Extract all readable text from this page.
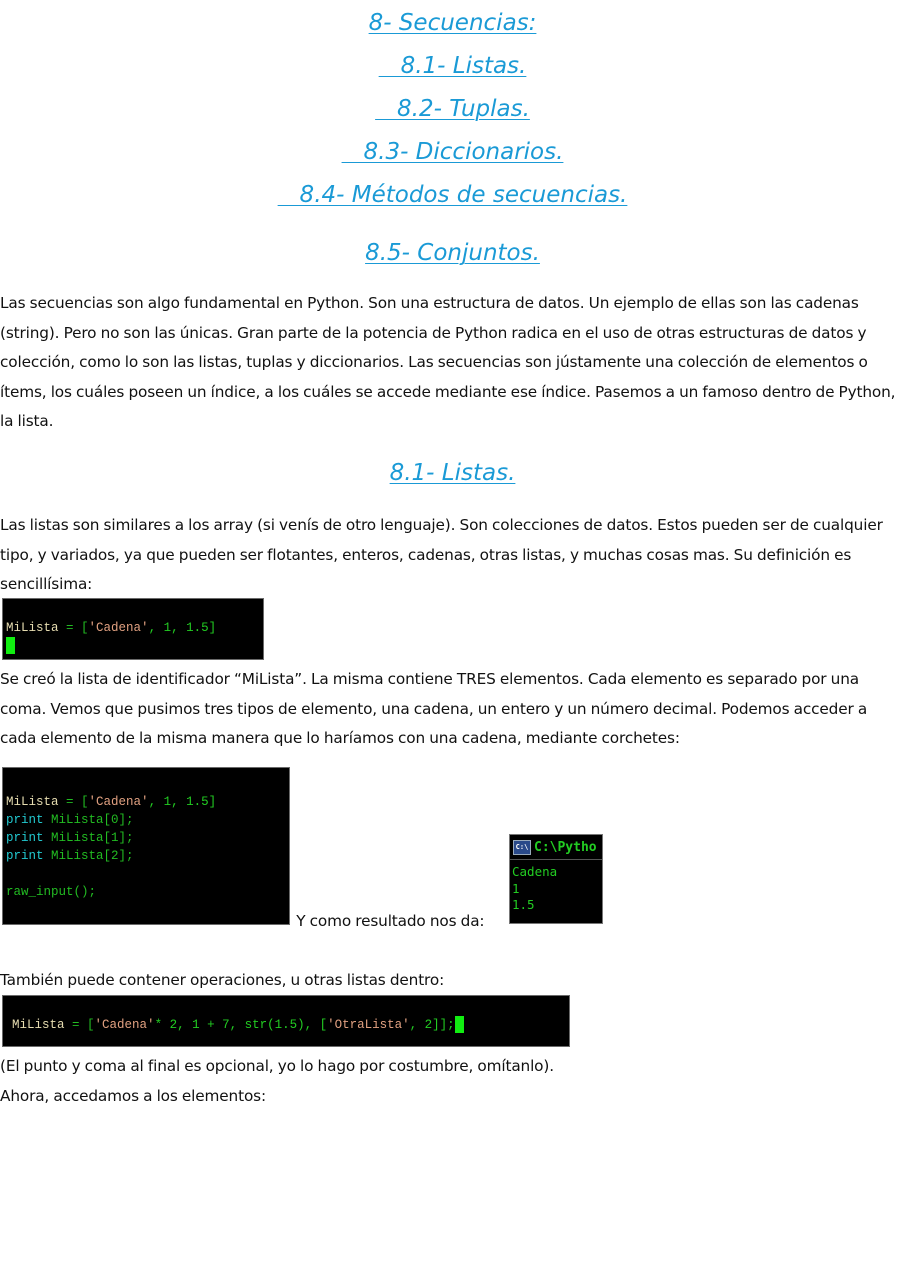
8- Secuencias:
8.1- Listas.
8.2- Tuplas.
8.3- Diccionarios.
8.4- Métodos de secuencias.
8.5- Conjuntos.

Las secuencias son algo fundamental en Python. Son una estructura de datos. Un ejemplo de ellas son las cadenas (string). Pero no son las únicas. Gran parte de la potencia de Python radica en el uso de otras estructuras de datos y colección, como lo son las listas, tuplas y diccionarios. Las secuencias son jústamente una colección de elementos o ítems, los cuáles poseen un índice, a los cuáles se accede mediante ese índice. Pasemos a un famoso dentro de Python, la lista.

8.1- Listas.

Las listas son similares a los array (si venís de otro lenguaje). Son colecciones de datos. Estos pueden ser de cualquier tipo, y variados, ya que pueden ser flotantes, enteros, cadenas, otras listas, y muchas cosas mas. Su definición es sencillísima:

MiLista = ['Cadena', 1, 1.5]

Se creó la lista de identificador “MiLista”. La misma contiene TRES elementos. Cada elemento es separado por una coma. Vemos que pusimos tres tipos de elemento, una cadena, un entero y un número decimal. Podemos acceder a cada elemento de la misma manera que lo haríamos con una cadena, mediante corchetes:

MiLista = ['Cadena', 1, 1.5]
print MiLista[0];
print MiLista[1];
print MiLista[2];
raw_input();
Y como resultado nos da:
C:\ C:\Pytho
Cadena
1
1.5

También puede contener operaciones, u otras listas dentro:

MiLista = ['Cadena'* 2, 1 + 7, str(1.5), ['OtraLista', 2]];

(El punto y coma al final es opcional, yo lo hago por costumbre, omítanlo).

Ahora, accedamos a los elementos:
